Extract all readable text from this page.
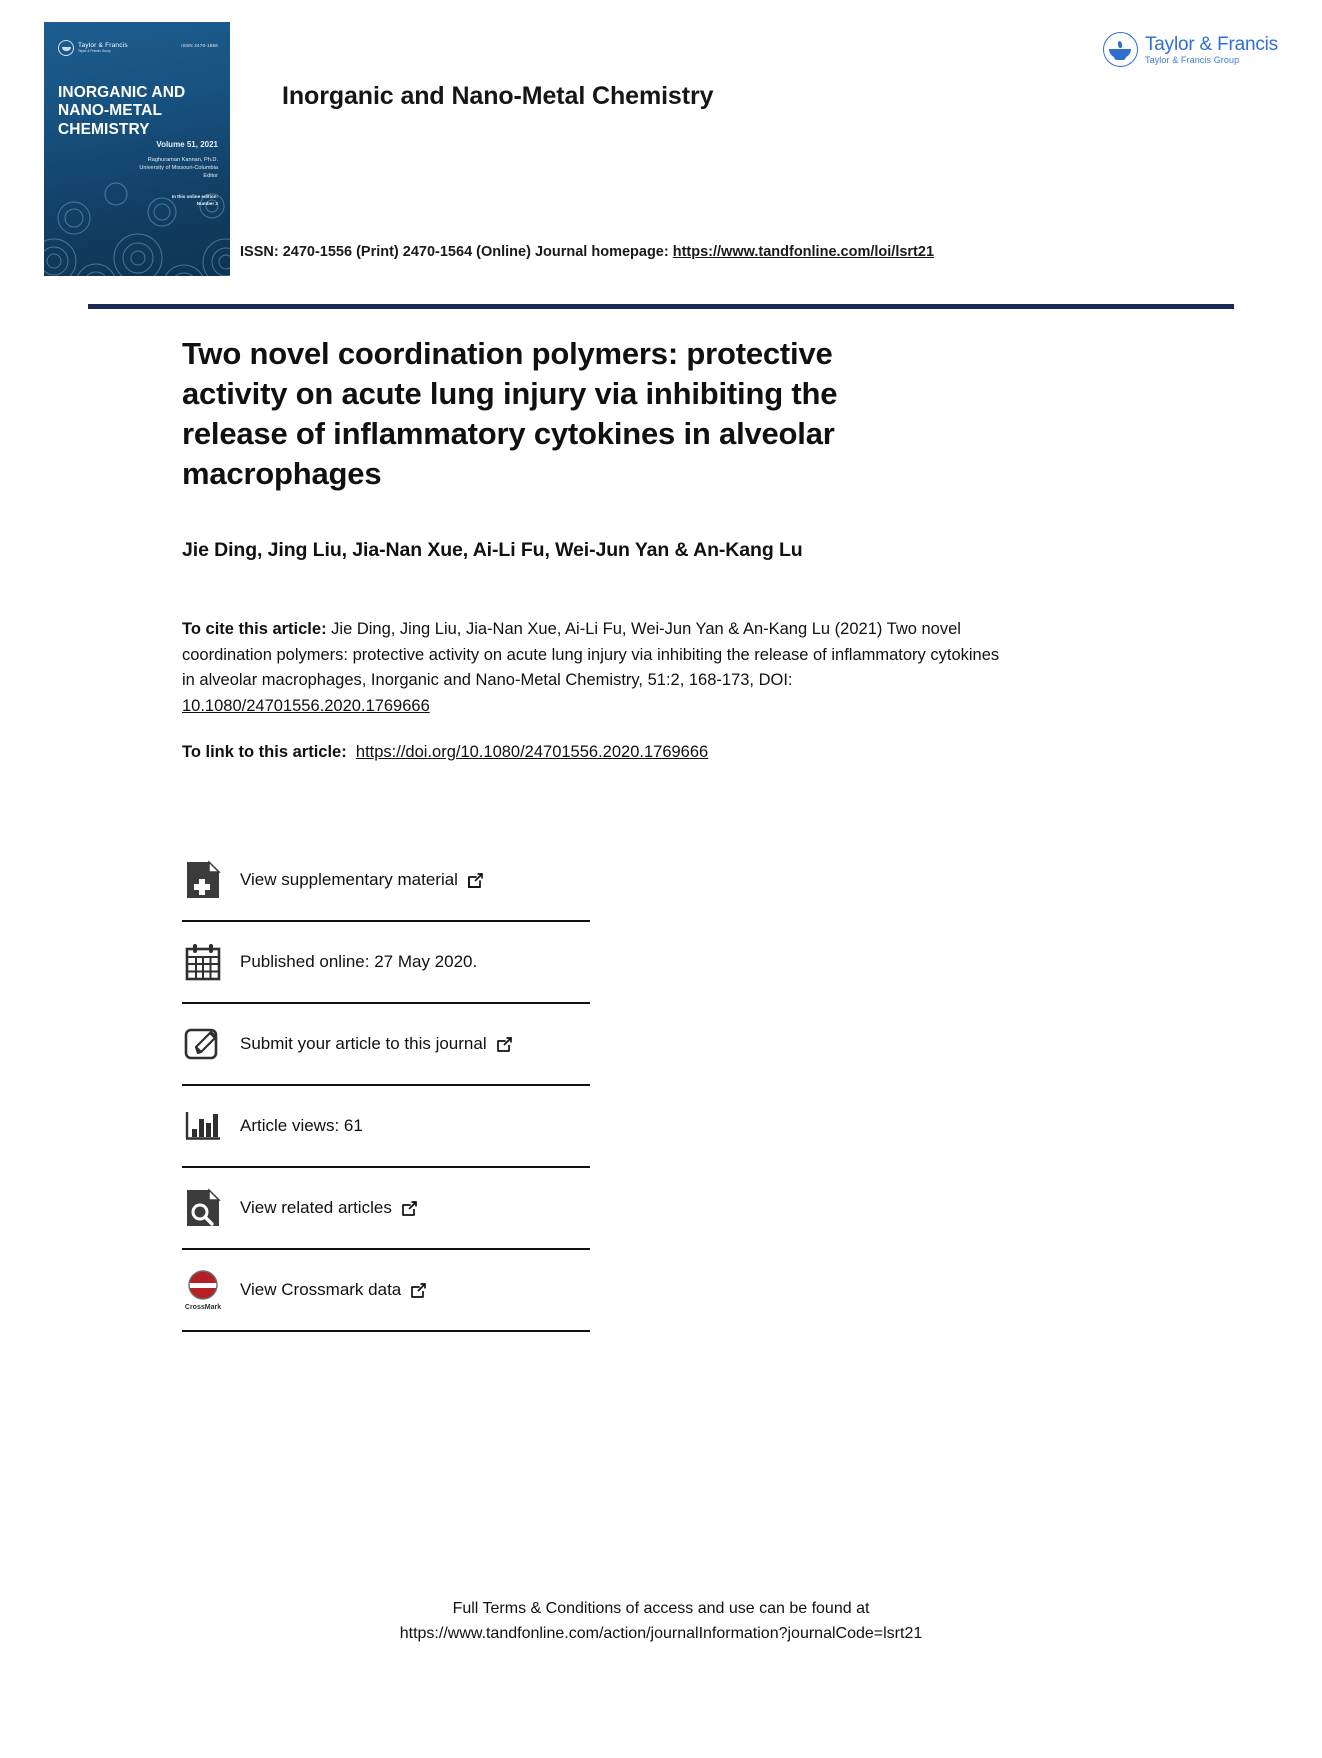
Taylor & Francis
Taylor & Francis Group
ISSN 2470-1556
INORGANIC AND
NANO-METAL CHEMISTRY
Volume 51, 2021
Raghuraman Kannan, Ph.D.
University of Missouri-Columbia
Editor
In this online edition:
Number 2
Inorganic and Nano-Metal Chemistry
Taylor & Francis
Taylor & Francis Group
ISSN: 2470-1556 (Print) 2470-1564 (Online) Journal homepage: https://www.tandfonline.com/loi/lsrt21
Two novel coordination polymers: protective activity on acute lung injury via inhibiting the release of inflammatory cytokines in alveolar macrophages
Jie Ding, Jing Liu, Jia-Nan Xue, Ai-Li Fu, Wei-Jun Yan & An-Kang Lu
To cite this article: Jie Ding, Jing Liu, Jia-Nan Xue, Ai-Li Fu, Wei-Jun Yan & An-Kang Lu (2021) Two novel coordination polymers: protective activity on acute lung injury via inhibiting the release of inflammatory cytokines in alveolar macrophages, Inorganic and Nano-Metal Chemistry, 51:2, 168-173, DOI: 10.1080/24701556.2020.1769666
To link to this article: https://doi.org/10.1080/24701556.2020.1769666
View supplementary material
Published online: 27 May 2020.
Submit your article to this journal
Article views: 61
View related articles
CrossMark
View Crossmark data
Full Terms & Conditions of access and use can be found at
https://www.tandfonline.com/action/journalInformation?journalCode=lsrt21
